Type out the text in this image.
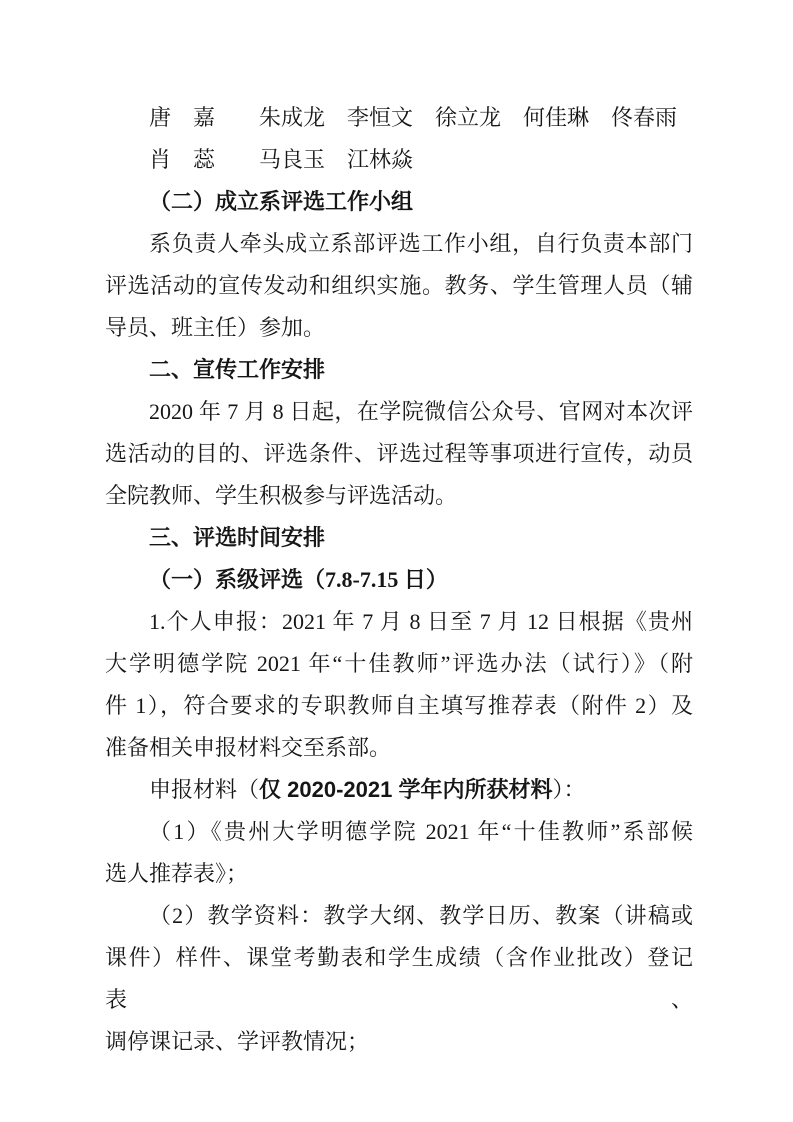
唐　嘉　　朱成龙　李恒文　徐立龙　何佳琳　佟春雨
肖　蕊　　马良玉　江林焱
（二）成立系评选工作小组
系负责人牵头成立系部评选工作小组，自行负责本部门
评选活动的宣传发动和组织实施。教务、学生管理人员（辅
导员、班主任）参加。
二、宣传工作安排
2020 年 7 月 8 日起，在学院微信公众号、官网对本次评
选活动的目的、评选条件、评选过程等事项进行宣传，动员
全院教师、学生积极参与评选活动。
三、评选时间安排
（一）系级评选（7.8-7.15 日）
1.个人申报：2021 年 7 月 8 日至 7 月 12 日根据《贵州
大学明德学院 2021 年“十佳教师”评选办法（试行）》（附
件 1），符合要求的专职教师自主填写推荐表（附件 2）及
准备相关申报材料交至系部。
申报材料（仅 2020-2021 学年内所获材料）：
（1）《贵州大学明德学院 2021 年“十佳教师”系部候
选人推荐表》；
（2）教学资料：教学大纲、教学日历、教案（讲稿或
课件）样件、课堂考勤表和学生成绩（含作业批改）登记表、
调停课记录、学评教情况；
